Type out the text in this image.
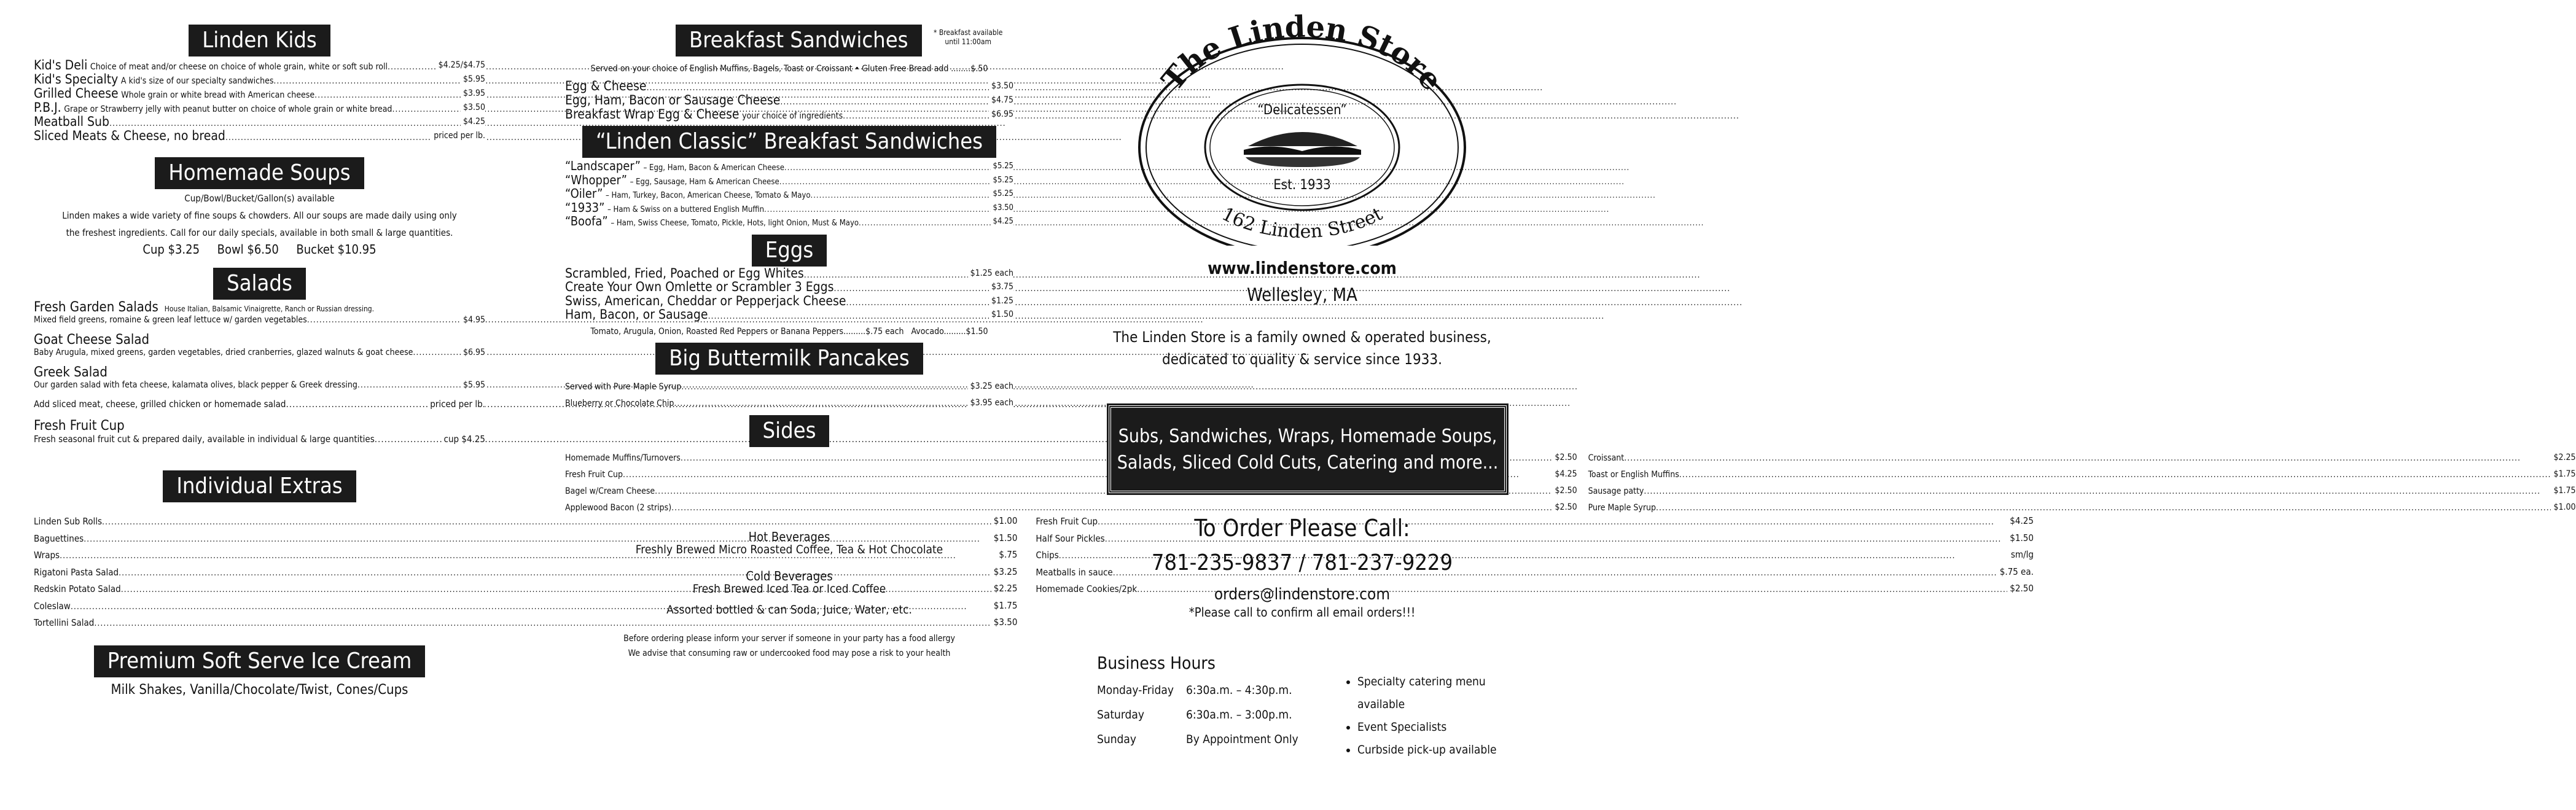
Linden Kids
Kid's Deli Choice of meat and/or cheese on choice of whole grain, white or soft sub roll .....	$4.25/$4.75
Kid's Specialty A kid's size of our specialty sandwiches .....	$5.95
Grilled Cheese Whole grain or white bread with American cheese .....	$3.95
P.B.J. Grape or Strawberry jelly with peanut butter on choice of whole grain or white bread .....	$3.50
Meatball Sub .....	$4.25
Sliced Meats & Cheese, no bread .....	priced per lb.
Homemade Soups
Cup/Bowl/Bucket/Gallon(s) available
Linden makes a wide variety of fine soups & chowders. All our soups are made daily using only
the freshest ingredients. Call for our daily specials, available in both small & large quantities.
Cup $3.25     Bowl $6.50     Bucket $10.95
Salads
Fresh Garden Salads House Italian, Balsamic Vinaigrette, Ranch or Russian dressing.
Mixed field greens, romaine & green leaf lettuce w/ garden vegetables .....	$4.95
Goat Cheese Salad
Baby Arugula, mixed greens, garden vegetables, dried cranberries, glazed walnuts & goat cheese .....	$6.95
Greek Salad
Our garden salad with feta cheese, kalamata olives, black pepper & Greek dressing .....	$5.95
Add sliced meat, cheese, grilled chicken or homemade salad .....	priced per lb.
Fresh Fruit Cup
Fresh seasonal fruit cut & prepared daily, available in individual & large quantities .....	cup $4.25
Individual Extras
Linden Sub Rolls .....	$1.00
Baguettines .....	$1.50
Wraps .....	$.75
Rigatoni Pasta Salad .....	$3.25
Redskin Potato Salad .....	$2.25
Coleslaw .....	$1.75
Tortellini Salad .....	$3.50
Fresh Fruit Cup .....	$4.25
Half Sour Pickles .....	$1.50
Chips .....	sm/lg
Meatballs in sauce .....	$.75 ea.
Homemade Cookies/2pk .....	$2.50
Premium Soft Serve Ice Cream
Milk Shakes, Vanilla/Chocolate/Twist, Cones/Cups
Breakfast Sandwiches	* Breakfast available
until 11:00am
Served on your choice of English Muffins, Bagels, Toast or Croissant • Gluten Free Bread add ........$.50
Egg & Cheese .....	$3.50
Egg, Ham, Bacon or Sausage Cheese .....	$4.75
Breakfast Wrap Egg & Cheese your choice of ingredients .....	$6.95
“Linden Classic” Breakfast Sandwiches
“Landscaper” – Egg, Ham, Bacon & American Cheese .....	$5.25
“Whopper” – Egg, Sausage, Ham & American Cheese .....	$5.25
“Oiler” – Ham, Turkey, Bacon, American Cheese, Tomato & Mayo .....	$5.25
“1933” – Ham & Swiss on a buttered English Muffin .....	$3.50
“Boofa” – Ham, Swiss Cheese, Tomato, Pickle, Hots, light Onion, Must & Mayo .....	$4.25
Eggs
Scrambled, Fried, Poached or Egg Whites .....	$1.25 each
Create Your Own Omlette or Scrambler 3 Eggs .....	$3.75
Swiss, American, Cheddar or Pepperjack Cheese .....	$1.25
Ham, Bacon, or Sausage .....	$1.50
Tomato, Arugula, Onion, Roasted Red Peppers or Banana Peppers.........$.75 each   Avocado.........$1.50
Big Buttermilk Pancakes
Served with Pure Maple Syrup .....	$3.25 each
Blueberry or Chocolate Chip .....	$3.95 each
Sides
Homemade Muffins/Turnovers .....	$2.50
Fresh Fruit Cup .....	$4.25
Bagel w/Cream Cheese .....	$2.50
Applewood Bacon (2 strips) .....	$2.50
Croissant .....	$2.25
Toast or English Muffins .....	$1.75
Sausage patty .....	$1.75
Pure Maple Syrup .....	$1.00
Hot Beverages
Freshly Brewed Micro Roasted Coffee, Tea & Hot Chocolate
Cold Beverages
Fresh Brewed Iced Tea or Iced Coffee
Assorted bottled & can Soda, Juice, Water, etc.
Before ordering please inform your server if someone in your party has a food allergy
We advise that consuming raw or undercooked food may pose a risk to your health
The Linden Store
162 Linden Street
“Delicatessen”
Est. 1933
www.lindenstore.com
Wellesley, MA
The Linden Store is a family owned & operated business,
dedicated to quality & service since 1933.
Subs, Sandwiches, Wraps, Homemade Soups,
Salads, Sliced Cold Cuts, Catering and more...
To Order Please Call:
781-235-9837 / 781-237-9229
orders@lindenstore.com
*Please call to confirm all email orders!!!
Business Hours
Monday-Friday	6:30a.m. – 4:30p.m.
Saturday	6:30a.m. – 3:00p.m.
Sunday	By Appointment Only
• Specialty catering menu available
• Event Specialists
• Curbside pick-up available
